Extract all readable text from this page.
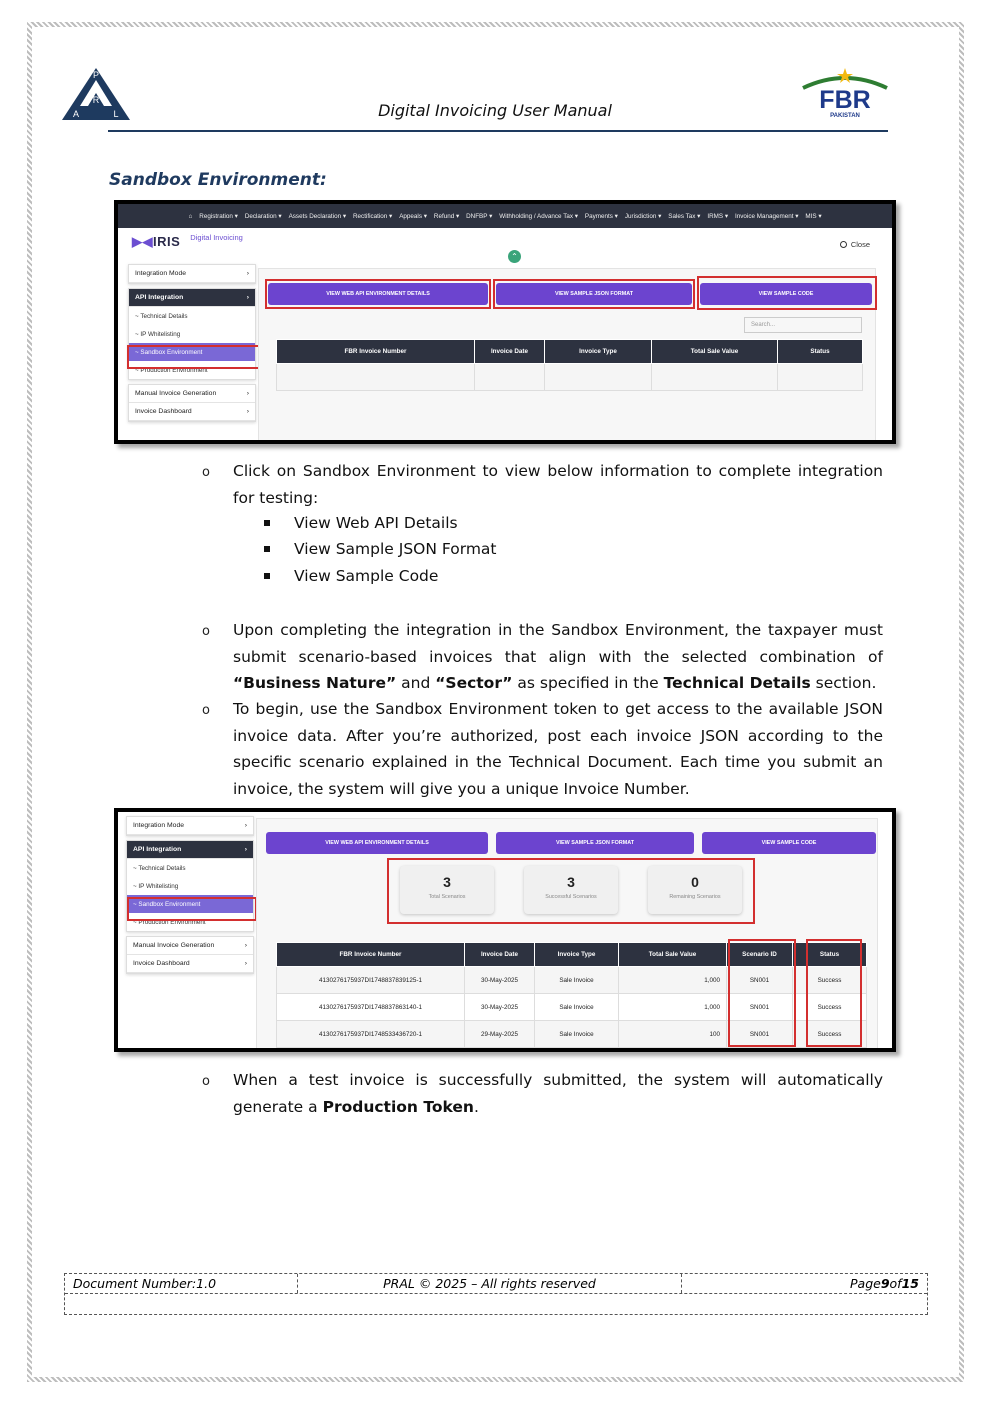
P
R
A	L	Digital Invoicing User Manual	FBR
PAKISTAN
Sandbox Environment:
⌂ Registration ▾ Declaration ▾ Assets Declaration ▾ Rectification ▾ Appeals ▾ Refund ▾ DNFBP ▾ Withholding / Advance Tax ▾ Payments ▾ Jurisdiction ▾ Sales Tax ▾ IRMS ▾ Invoice Management ▾ MIS ▾
▶◀IRIS Digital Invoicing
Close
⌃
Integration Mode	›
API Integration	›
~ Technical Details
~ IP Whitelisting
~ Sandbox Environment
~ Production Environment
Manual Invoice Generation	›
Invoice Dashboard	›
VIEW WEB API ENVIRONMENT DETAILS	VIEW SAMPLE JSON FORMAT	VIEW SAMPLE CODE
Search...
FBR Invoice Number	Invoice Date	Invoice Type	Total Sale Value	Status

o Click on Sandbox Environment to view below information to complete integration for testing:
View Web API Details
View Sample JSON Format
View Sample Code
o Upon completing the integration in the Sandbox Environment, the taxpayer must submit scenario-based invoices that align with the selected combination of “Business Nature” and “Sector” as specified in the Technical Details section.
o To begin, use the Sandbox Environment token to get access to the available JSON invoice data. After you’re authorized, post each invoice JSON according to the specific scenario explained in the Technical Document. Each time you submit an invoice, the system will give you a unique Invoice Number.
Integration Mode	›
API Integration	›
~ Technical Details
~ IP Whitelisting
~ Sandbox Environment
~ Production Environment
Manual Invoice Generation	›
Invoice Dashboard	›
VIEW WEB API ENVIRONMENT DETAILS	VIEW SAMPLE JSON FORMAT	VIEW SAMPLE CODE
3
Total Scenarios
3
Successful Scenarios
0
Remaining Scenarios
FBR Invoice Number	Invoice Date	Invoice Type	Total Sale Value	Scenario ID	Status
4130276175937DI1748837839125-1	30-May-2025	Sale Invoice	1,000	SN001	Success
4130276175937DI1748837863140-1	30-May-2025	Sale Invoice	1,000	SN001	Success
4130276175937DI1748533436720-1	29-May-2025	Sale Invoice	100	SN001	Success
o When a test invoice is successfully submitted, the system will automatically generate a Production Token.
Document Number:1.0	PRAL © 2025 – All rights reserved	Page 9 of 15
